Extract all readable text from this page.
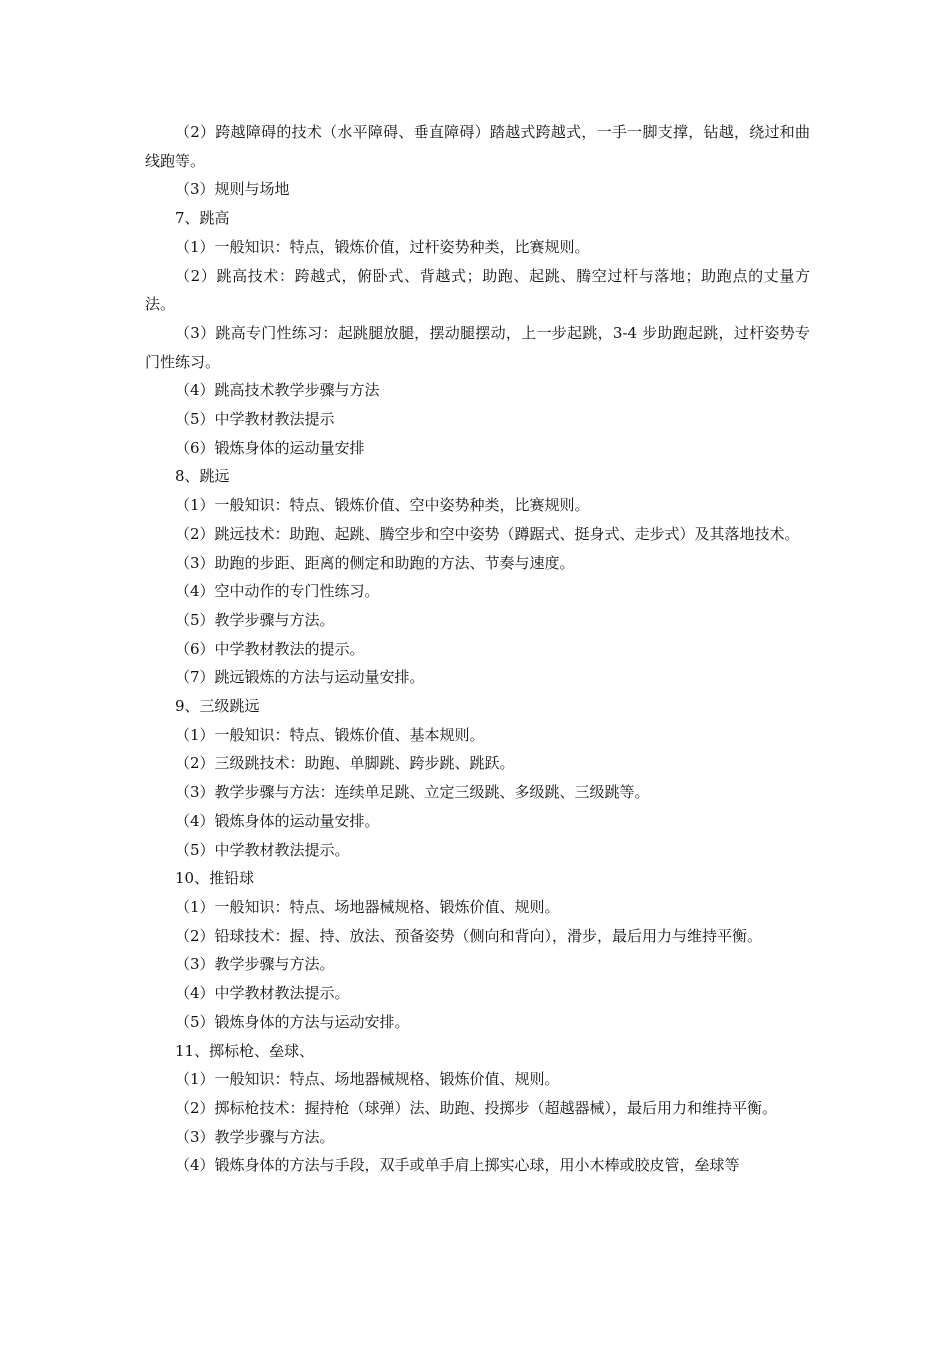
（2）跨越障碍的技术（水平障碍、垂直障碍）踏越式跨越式，一手一脚支撑，钻越，绕过和曲线跑等。

（3）规则与场地

7、跳高

（1）一般知识：特点，锻炼价值，过杆姿势种类，比赛规则。

（2）跳高技术：跨越式，俯卧式、背越式；助跑、起跳、腾空过杆与落地；助跑点的丈量方法。

（3）跳高专门性练习：起跳腿放腿，摆动腿摆动，上一步起跳，3-4 步助跑起跳，过杆姿势专门性练习。

（4）跳高技术教学步骤与方法

（5）中学教材教法提示

（6）锻炼身体的运动量安排

8、跳远

（1）一般知识：特点、锻炼价值、空中姿势种类，比赛规则。

（2）跳远技术：助跑、起跳、腾空步和空中姿势（蹲踞式、挺身式、走步式）及其落地技术。

（3）助跑的步距、距离的侧定和助跑的方法、节奏与速度。

（4）空中动作的专门性练习。

（5）教学步骤与方法。

（6）中学教材教法的提示。

（7）跳远锻炼的方法与运动量安排。

9、三级跳远

（1）一般知识：特点、锻炼价值、基本规则。

（2）三级跳技术：助跑、单脚跳、跨步跳、跳跃。

（3）教学步骤与方法：连续单足跳、立定三级跳、多级跳、三级跳等。

（4）锻炼身体的运动量安排。

（5）中学教材教法提示。

10、推铅球

（1）一般知识：特点、场地器械规格、锻炼价值、规则。

（2）铅球技术：握、持、放法、预备姿势（侧向和背向），滑步，最后用力与维持平衡。

（3）教学步骤与方法。

（4）中学教材教法提示。

（5）锻炼身体的方法与运动安排。

11、掷标枪、垒球、

（1）一般知识：特点、场地器械规格、锻炼价值、规则。

（2）掷标枪技术：握持枪（球弹）法、助跑、投掷步（超越器械），最后用力和维持平衡。

（3）教学步骤与方法。

（4）锻炼身体的方法与手段，双手或单手肩上掷实心球，用小木棒或胶皮管，垒球等
